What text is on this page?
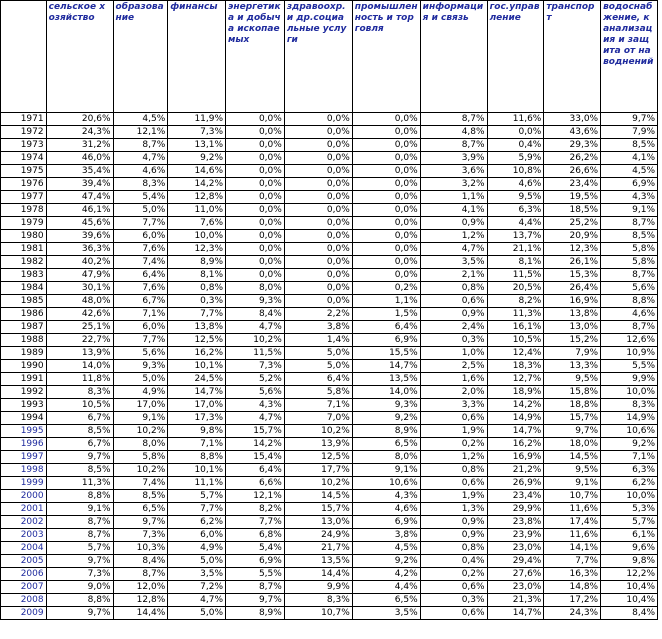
	сельское хозяйство	образование	финансы	энергетика и добыча ископаемых	здравоохр. и др.социальные услуги	промышленность и торговля	информация и связь	гос.управление	транспорт	водоснабжение, канализация и защита от наводнений
1971	20,6%	4,5%	11,9%	0,0%	0,0%	0,0%	8,7%	11,6%	33,0%	9,7%
1972	24,3%	12,1%	7,3%	0,0%	0,0%	0,0%	4,8%	0,0%	43,6%	7,9%
1973	31,2%	8,7%	13,1%	0,0%	0,0%	0,0%	8,7%	0,4%	29,3%	8,5%
1974	46,0%	4,7%	9,2%	0,0%	0,0%	0,0%	3,9%	5,9%	26,2%	4,1%
1975	35,4%	4,6%	14,6%	0,0%	0,0%	0,0%	3,6%	10,8%	26,6%	4,5%
1976	39,4%	8,3%	14,2%	0,0%	0,0%	0,0%	3,2%	4,6%	23,4%	6,9%
1977	47,4%	5,4%	12,8%	0,0%	0,0%	0,0%	1,1%	9,5%	19,5%	4,3%
1978	46,1%	5,0%	11,0%	0,0%	0,0%	0,0%	4,1%	6,3%	18,5%	9,1%
1979	45,6%	7,7%	7,6%	0,0%	0,0%	0,0%	0,9%	4,4%	25,2%	8,7%
1980	39,6%	6,0%	10,0%	0,0%	0,0%	0,0%	1,2%	13,7%	20,9%	8,5%
1981	36,3%	7,6%	12,3%	0,0%	0,0%	0,0%	4,7%	21,1%	12,3%	5,8%
1982	40,2%	7,4%	8,9%	0,0%	0,0%	0,0%	3,5%	8,1%	26,1%	5,8%
1983	47,9%	6,4%	8,1%	0,0%	0,0%	0,0%	2,1%	11,5%	15,3%	8,7%
1984	30,1%	7,6%	0,8%	8,0%	0,0%	0,2%	0,8%	20,5%	26,4%	5,6%
1985	48,0%	6,7%	0,3%	9,3%	0,0%	1,1%	0,6%	8,2%	16,9%	8,8%
1986	42,6%	7,1%	7,7%	8,4%	2,2%	1,5%	0,9%	11,3%	13,8%	4,6%
1987	25,1%	6,0%	13,8%	4,7%	3,8%	6,4%	2,4%	16,1%	13,0%	8,7%
1988	22,7%	7,7%	12,5%	10,2%	1,4%	6,9%	0,3%	10,5%	15,2%	12,6%
1989	13,9%	5,6%	16,2%	11,5%	5,0%	15,5%	1,0%	12,4%	7,9%	10,9%
1990	14,0%	9,3%	10,1%	7,3%	5,0%	14,7%	2,5%	18,3%	13,3%	5,5%
1991	11,8%	5,0%	24,5%	5,2%	6,4%	13,5%	1,6%	12,7%	9,5%	9,9%
1992	8,3%	4,9%	14,7%	5,6%	5,8%	14,0%	2,0%	18,9%	15,8%	10,0%
1993	10,5%	17,0%	17,0%	4,3%	7,1%	9,3%	3,3%	14,2%	18,8%	8,3%
1994	6,7%	9,1%	17,3%	4,7%	7,0%	9,2%	0,6%	14,9%	15,7%	14,9%
1995	8,5%	10,2%	9,8%	15,7%	10,2%	8,9%	1,9%	14,7%	9,7%	10,6%
1996	6,7%	8,0%	7,1%	14,2%	13,9%	6,5%	0,2%	16,2%	18,0%	9,2%
1997	9,7%	5,8%	8,8%	15,4%	12,5%	8,0%	1,2%	16,9%	14,5%	7,1%
1998	8,5%	10,2%	10,1%	6,4%	17,7%	9,1%	0,8%	21,2%	9,5%	6,3%
1999	11,3%	7,4%	11,1%	6,6%	10,2%	10,6%	0,6%	26,9%	9,1%	6,2%
2000	8,8%	8,5%	5,7%	12,1%	14,5%	4,3%	1,9%	23,4%	10,7%	10,0%
2001	9,1%	6,5%	7,7%	8,2%	15,7%	4,6%	1,3%	29,9%	11,6%	5,3%
2002	8,7%	9,7%	6,2%	7,7%	13,0%	6,9%	0,9%	23,8%	17,4%	5,7%
2003	8,7%	7,3%	6,0%	6,8%	24,9%	3,8%	0,9%	23,9%	11,6%	6,1%
2004	5,7%	10,3%	4,9%	5,4%	21,7%	4,5%	0,8%	23,0%	14,1%	9,6%
2005	9,7%	8,4%	5,0%	6,9%	13,5%	9,2%	0,4%	29,4%	7,7%	9,8%
2006	7,3%	8,7%	3,5%	5,5%	14,4%	4,2%	0,2%	27,6%	16,3%	12,2%
2007	9,0%	12,0%	7,2%	8,7%	9,9%	4,4%	0,6%	23,0%	14,8%	10,4%
2008	8,8%	12,8%	4,7%	9,7%	8,3%	6,5%	0,3%	21,3%	17,2%	10,4%
2009	9,7%	14,4%	5,0%	8,9%	10,7%	3,5%	0,6%	14,7%	24,3%	8,4%
